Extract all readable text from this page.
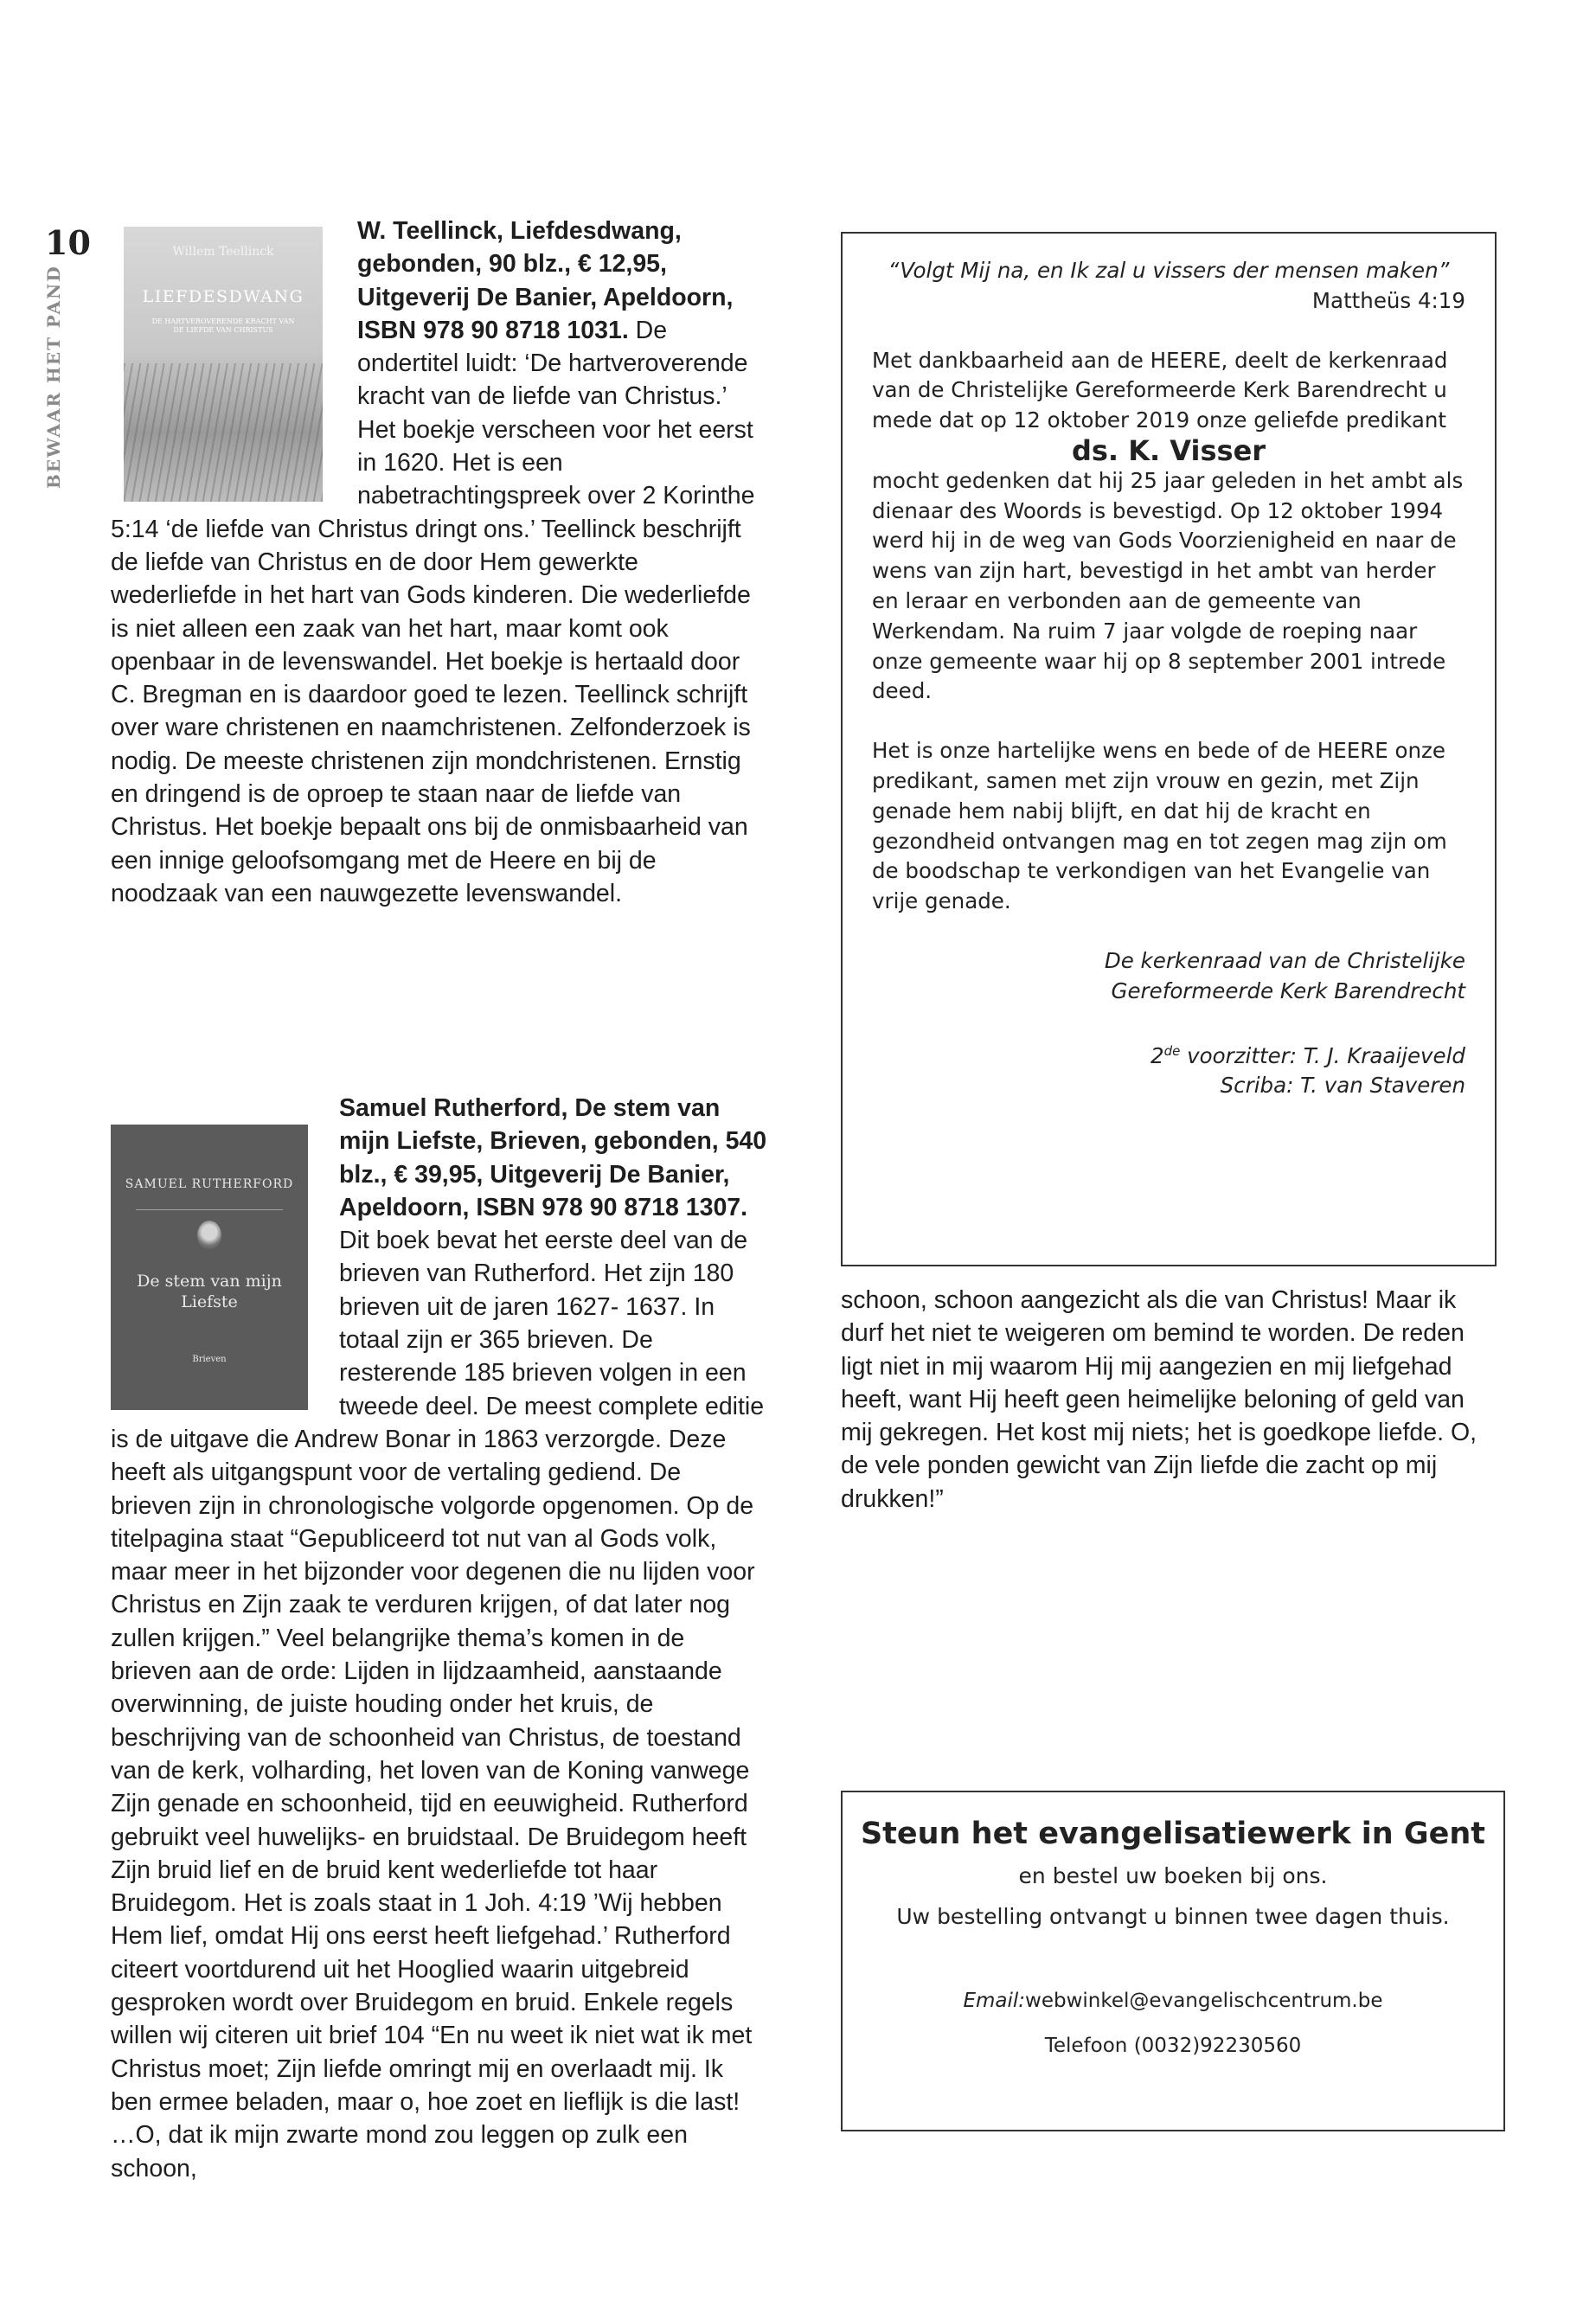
10
BEWAAR HET PAND
Willem Teellinck
LIEFDESDWANG
DE HARTVEROVERENDE KRACHT VAN DE LIEFDE VAN CHRISTUS

W. Teellinck, Liefdesdwang, gebonden, 90 blz., € 12,95, Uitgeverij De Banier, Apeldoorn, ISBN 978 90 8718 1031. De ondertitel luidt: ‘De hartveroverende kracht van de liefde van Christus.’ Het boekje verscheen voor het eerst in 1620. Het is een nabetrachtingspreek over 2 Korinthe 5:14 ‘de liefde van Christus dringt ons.’ Teellinck beschrijft de liefde van Christus en de door Hem gewerkte wederliefde in het hart van Gods kinderen. Die wederliefde is niet alleen een zaak van het hart, maar komt ook openbaar in de levenswandel. Het boekje is hertaald door C. Bregman en is daardoor goed te lezen. Teellinck schrijft over ware christenen en naamchristenen. Zelfonderzoek is nodig. De meeste christenen zijn mondchristenen. Ernstig en dringend is de oproep te staan naar de liefde van Christus. Het boekje bepaalt ons bij de onmisbaarheid van een innige geloofsomgang met de Heere en bij de noodzaak van een nauwgezette levenswandel.

SAMUEL RUTHERFORD
De stem van mijn Liefste
Brieven

Samuel Rutherford, De stem van mijn Liefste, Brieven, gebonden, 540 blz., € 39,95, Uitgeverij De Banier, Apeldoorn, ISBN 978 90 8718 1307. Dit boek bevat het eerste deel van de brieven van Rutherford. Het zijn 180 brieven uit de jaren 1627- 1637. In totaal zijn er 365 brieven. De resterende 185 brieven volgen in een tweede deel. De meest complete editie is de uitgave die Andrew Bonar in 1863 verzorgde. Deze heeft als uitgangspunt voor de vertaling gediend. De brieven zijn in chronologische volgorde opgenomen. Op de titelpagina staat “Gepubliceerd tot nut van al Gods volk, maar meer in het bijzonder voor degenen die nu lijden voor Christus en Zijn zaak te verduren krijgen, of dat later nog zullen krijgen.” Veel belangrijke thema’s komen in de brieven aan de orde: Lijden in lijdzaamheid, aanstaande overwinning, de juiste houding onder het kruis, de beschrijving van de schoonheid van Christus, de toestand van de kerk, volharding, het loven van de Koning vanwege Zijn genade en schoonheid, tijd en eeuwigheid. Rutherford gebruikt veel huwelijks- en bruidstaal. De Bruidegom heeft Zijn bruid lief en de bruid kent wederliefde tot haar Bruidegom. Het is zoals staat in 1 Joh. 4:19 ’Wij hebben Hem lief, omdat Hij ons eerst heeft liefgehad.’ Rutherford citeert voortdurend uit het Hooglied waarin uitgebreid gesproken wordt over Bruidegom en bruid. Enkele regels willen wij citeren uit brief 104 “En nu weet ik niet wat ik met Christus moet; Zijn liefde omringt mij en overlaadt mij. Ik ben ermee beladen, maar o, hoe zoet en lieflijk is die last! …O, dat ik mijn zwarte mond zou leggen op zulk een schoon,

“Volgt Mij na, en Ik zal u vissers der mensen maken”

Mattheüs 4:19

Met dankbaarheid aan de HEERE, deelt de kerkenraad van de Christelijke Gereformeerde Kerk Barendrecht u mede dat op 12 oktober 2019 onze geliefde predikant

ds. K. Visser

mocht gedenken dat hij 25 jaar geleden in het ambt als dienaar des Woords is bevestigd. Op 12 oktober 1994 werd hij in de weg van Gods Voorzienigheid en naar de wens van zijn hart, bevestigd in het ambt van herder en leraar en verbonden aan de gemeente van Werkendam. Na ruim 7 jaar volgde de roeping naar onze gemeente waar hij op 8 september 2001 intrede deed.

Het is onze hartelijke wens en bede of de HEERE onze predikant, samen met zijn vrouw en gezin, met Zijn genade hem nabij blijft, en dat hij de kracht en gezondheid ontvangen mag en tot zegen mag zijn om de boodschap te verkondigen van het Evangelie van vrije genade.

De kerkenraad van de Christelijke

Gereformeerde Kerk Barendrecht

2de voorzitter: T. J. Kraaijeveld

Scriba: T. van Staveren

schoon, schoon aangezicht als die van Christus! Maar ik durf het niet te weigeren om bemind te worden. De reden ligt niet in mij waarom Hij mij aangezien en mij liefgehad heeft, want Hij heeft geen heimelijke beloning of geld van mij gekregen. Het kost mij niets; het is goedkope liefde. O, de vele ponden gewicht van Zijn liefde die zacht op mij drukken!”

Steun het evangelisatiewerk in Gent
en bestel uw boeken bij ons.
Uw bestelling ontvangt u binnen twee dagen thuis.
Email:webwinkel@evangelischcentrum.be
Telefoon (0032)92230560
